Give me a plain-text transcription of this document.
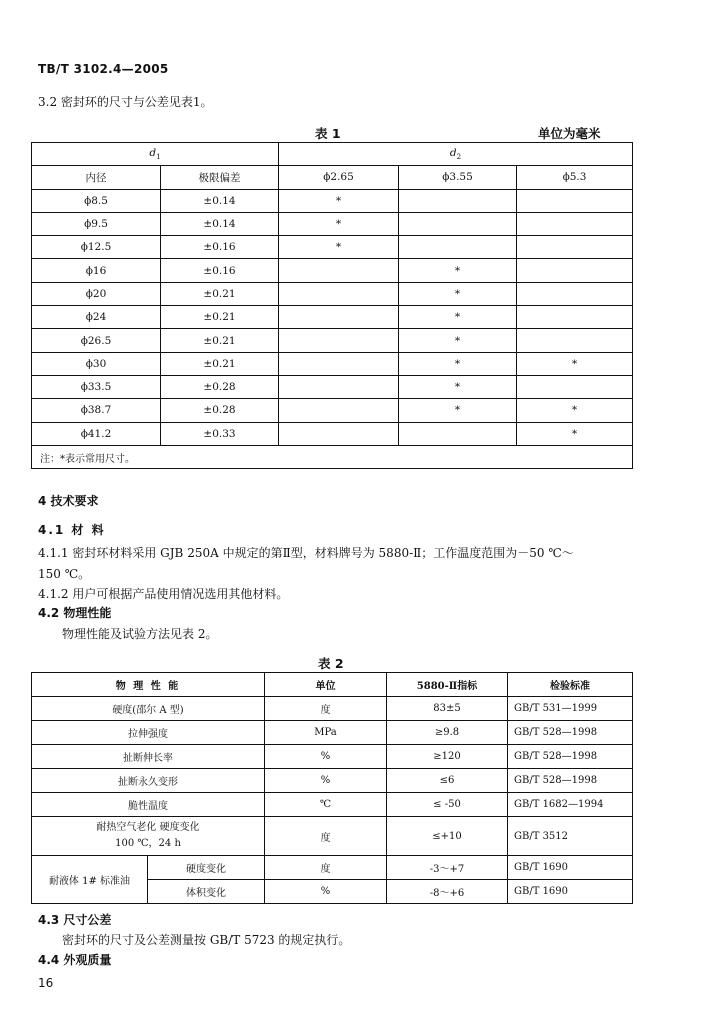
TB/T 3102.4—2005
3.2 密封环的尺寸与公差见表1。
表 1	单位为毫米
$d_1$		$d_2$
内径	极限偏差	ϕ2.65	ϕ3.55	ϕ5.3
ϕ8.5	±0.14	*		
ϕ9.5	±0.14	*		
ϕ12.5	±0.16	*		
ϕ16	±0.16		*	
ϕ20	±0.21		*	
ϕ24	±0.21		*	
ϕ26.5	±0.21		*	
ϕ30	±0.21		*	*
ϕ33.5	±0.28		*	
ϕ38.7	±0.28		*	*
ϕ41.2	±0.33			*
注：*表示常用尺寸。				
4 技术要求
4.1 材 料
4.1.1 密封环材料采用 GJB 250A 中规定的第Ⅱ型，材料牌号为 5880-Ⅱ；工作温度范围为－50 ℃～
150 ℃。
4.1.2 用户可根据产品使用情况选用其他材料。
4.2 物理性能
物理性能及试验方法见表 2。
表 2
物 理 性 能		单位	5880-Ⅱ指标	检验标准
硬度(邵尔 A 型)		度	83±5	GB/T 531—1999
拉伸强度		MPa	≥9.8	GB/T 528—1998
扯断伸长率		%	≥120	GB/T 528—1998
扯断永久变形		%	≤6	GB/T 528—1998
脆性温度		℃	≤ -50	GB/T 1682—1994

耐热空气老化 硬度变化
100 ℃，24 h		度	≤+10	GB/T 3512
耐液体 1# 标准油	硬度变化	度	-3～+7	GB/T 1690
	体积变化	%	-8～+6	GB/T 1690
4.3 尺寸公差
密封环的尺寸及公差测量按 GB/T 5723 的规定执行。
4.4 外观质量
16
